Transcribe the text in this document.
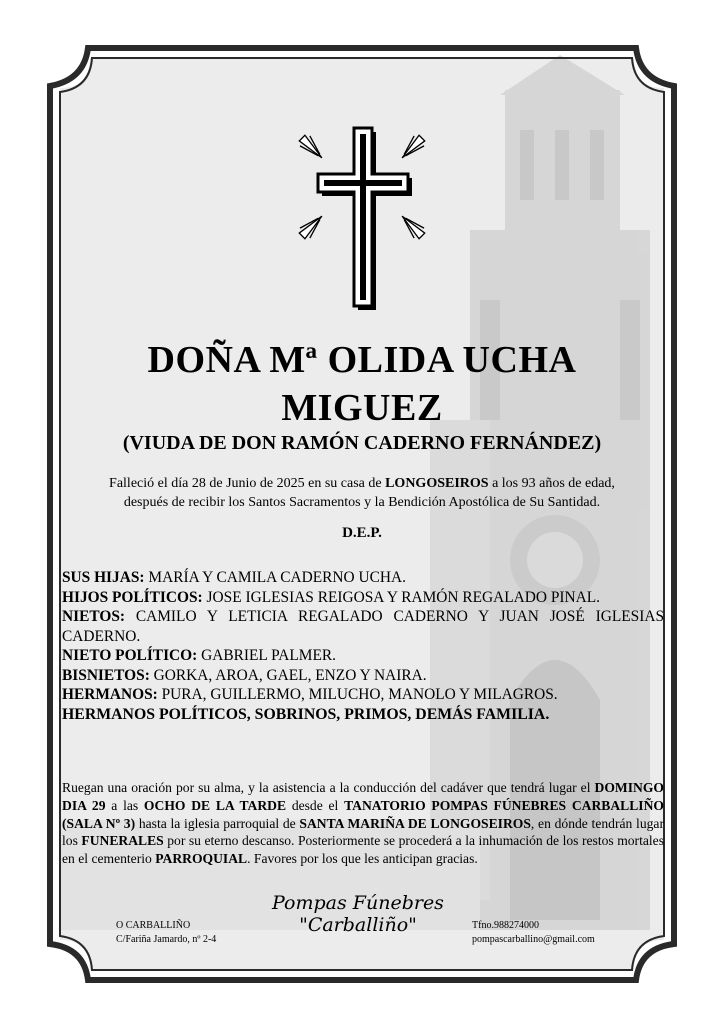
DOÑA Mª OLIDA UCHA
MIGUEZ
(VIUDA DE DON RAMÓN CADERNO FERNÁNDEZ)
Falleció el día 28 de Junio de 2025 en su casa de LONGOSEIROS a los 93 años de edad,
después de recibir los Santos Sacramentos y la Bendición Apostólica de Su Santidad.
D.E.P.

SUS HIJAS: MARÍA Y CAMILA CADERNO UCHA.

HIJOS POLÍTICOS: JOSE IGLESIAS REIGOSA Y RAMÓN REGALADO PINAL.

NIETOS: CAMILO Y LETICIA REGALADO CADERNO Y JUAN JOSÉ IGLESIAS CADERNO.

NIETO POLÍTICO: GABRIEL PALMER.

BISNIETOS: GORKA, AROA, GAEL, ENZO Y NAIRA.

HERMANOS: PURA, GUILLERMO, MILUCHO, MANOLO Y MILAGROS.

HERMANOS POLÍTICOS, SOBRINOS, PRIMOS, DEMÁS FAMILIA.

Ruegan una oración por su alma, y la asistencia a la conducción del cadáver que tendrá lugar el DOMINGO DIA 29 a las OCHO DE LA TARDE desde el TANATORIO POMPAS FÚNEBRES CARBALLIÑO (SALA Nº 3) hasta la iglesia parroquial de SANTA MARIÑA DE LONGOSEIROS, en dónde tendrán lugar los FUNERALES por su eterno descanso. Posteriormente se procederá a la inhumación de los restos mortales en el cementerio PARROQUIAL. Favores por los que les anticipan gracias.
O CARBALLIÑO
C/Fariña Jamardo, nº 2-4
Pompas Fúnebres
"Carballiño"	Tfno.988274000
pompascarballino@gmail.com
